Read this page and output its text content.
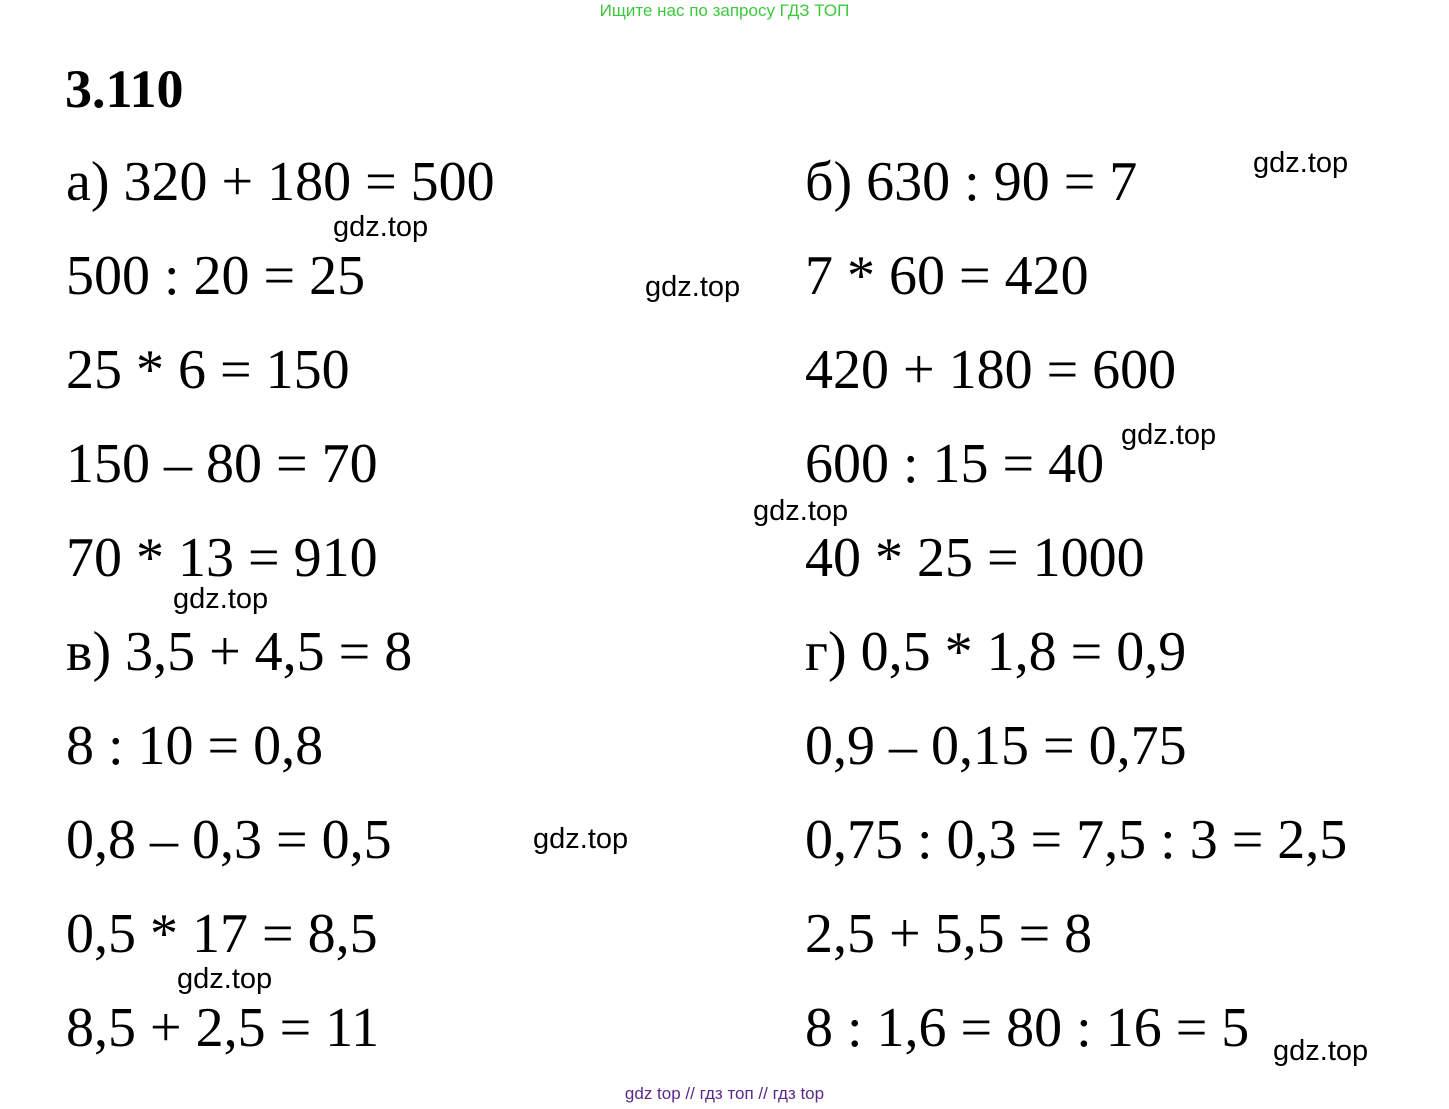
Ищите нас по запросу ГДЗ ТОП
3.110
а) 320 + 180 = 500
500 : 20 = 25
25 * 6 = 150
150 – 80 = 70
70 * 13 = 910
в) 3,5 + 4,5 = 8
8 : 10 = 0,8
0,8 – 0,3 = 0,5
0,5 * 17 = 8,5
8,5 + 2,5 = 11
б) 630 : 90 = 7
7 * 60 = 420
420 + 180 = 600
600 : 15 = 40
40 * 25 = 1000
г) 0,5 * 1,8 = 0,9
0,9 – 0,15 = 0,75
0,75 : 0,3 = 7,5 : 3 = 2,5
2,5 + 5,5 = 8
8 : 1,6 = 80 : 16 = 5
gdz.top
gdz.top
gdz.top
gdz.top
gdz.top
gdz.top
gdz.top
gdz.top
gdz.top
gdz top // гдз топ // гдз top
